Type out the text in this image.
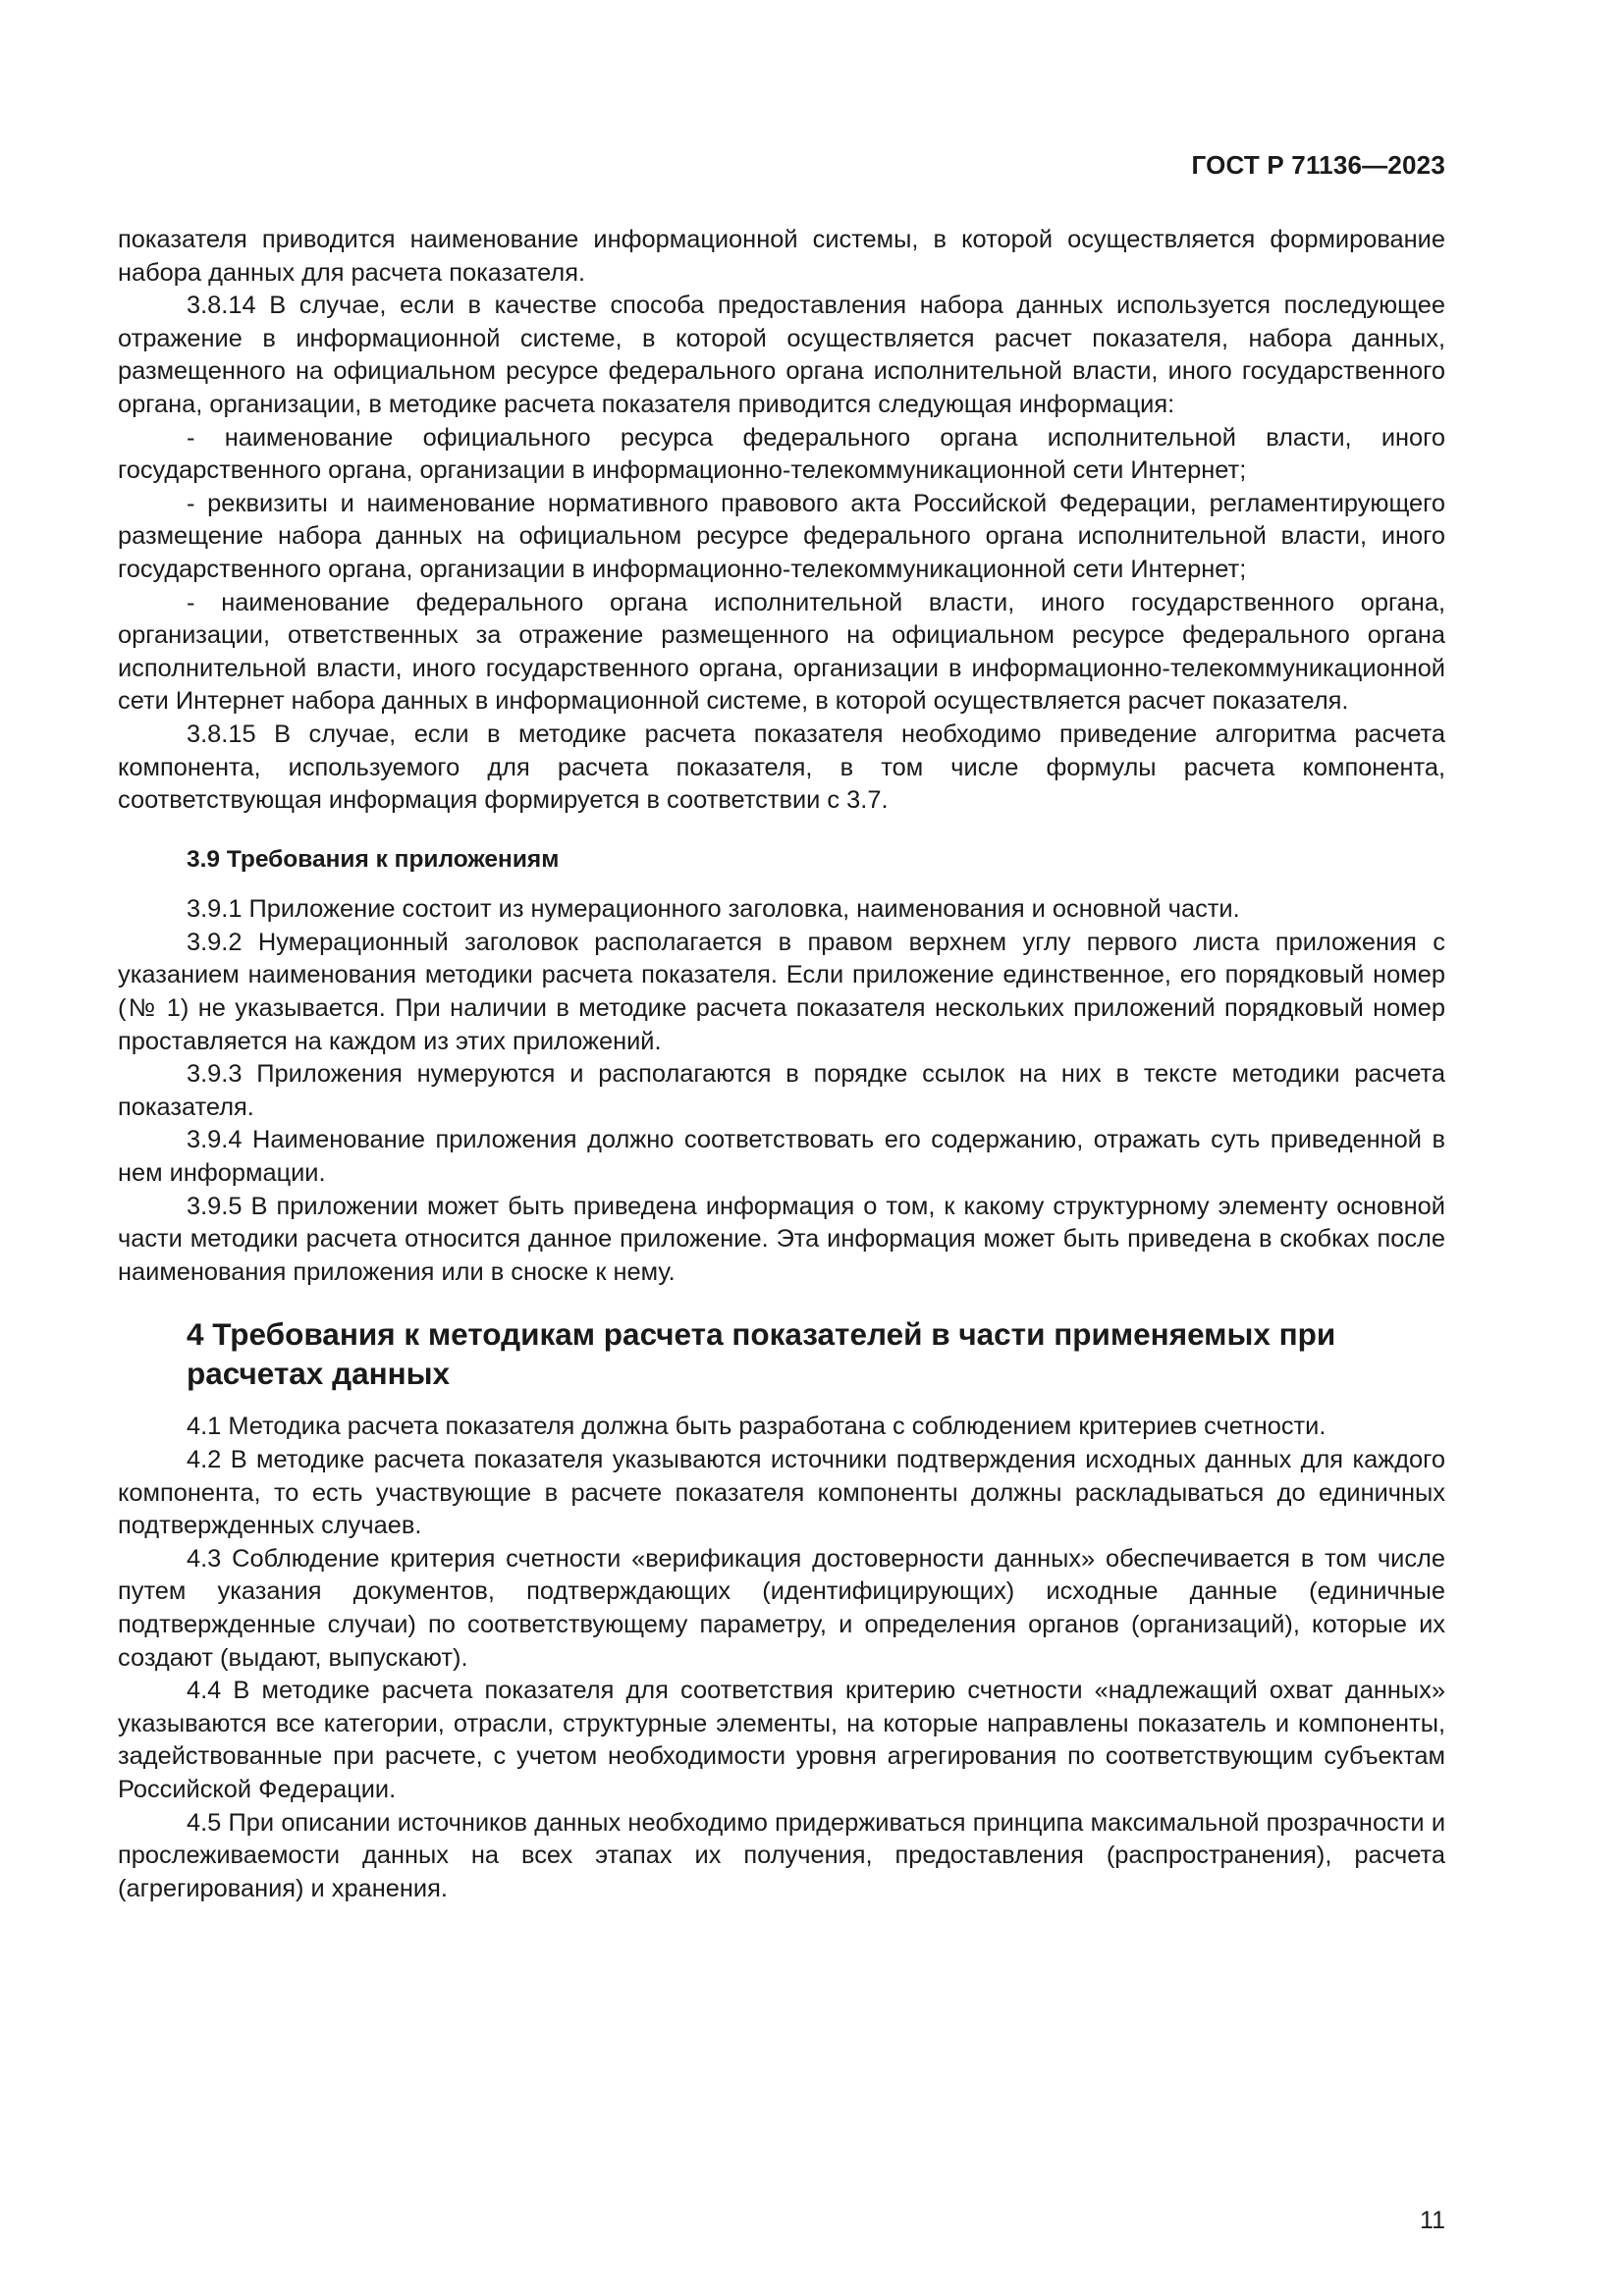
ГОСТ Р 71136—2023

показателя приводится наименование информационной системы, в которой осуществляется формирование набора данных для расчета показателя.

3.8.14 В случае, если в качестве способа предоставления набора данных используется последующее отражение в информационной системе, в которой осуществляется расчет показателя, набора данных, размещенного на официальном ресурсе федерального органа исполнительной власти, иного государственного органа, организации, в методике расчета показателя приводится следующая информация:

- наименование официального ресурса федерального органа исполнительной власти, иного государственного органа, организации в информационно-телекоммуникационной сети Интернет;

- реквизиты и наименование нормативного правового акта Российской Федерации, регламентирующего размещение набора данных на официальном ресурсе федерального органа исполнительной власти, иного государственного органа, организации в информационно-телекоммуникационной сети Интернет;

- наименование федерального органа исполнительной власти, иного государственного органа, организации, ответственных за отражение размещенного на официальном ресурсе федерального органа исполнительной власти, иного государственного органа, организации в информационно-телекоммуникационной сети Интернет набора данных в информационной системе, в которой осуществляется расчет показателя.

3.8.15 В случае, если в методике расчета показателя необходимо приведение алгоритма расчета компонента, используемого для расчета показателя, в том числе формулы расчета компонента, соответствующая информация формируется в соответствии с 3.7.

3.9 Требования к приложениям

3.9.1 Приложение состоит из нумерационного заголовка, наименования и основной части.

3.9.2 Нумерационный заголовок располагается в правом верхнем углу первого листа приложения с указанием наименования методики расчета показателя. Если приложение единственное, его порядковый номер (№ 1) не указывается. При наличии в методике расчета показателя нескольких приложений порядковый номер проставляется на каждом из этих приложений.

3.9.3 Приложения нумеруются и располагаются в порядке ссылок на них в тексте методики расчета показателя.

3.9.4 Наименование приложения должно соответствовать его содержанию, отражать суть приведенной в нем информации.

3.9.5 В приложении может быть приведена информация о том, к какому структурному элементу основной части методики расчета относится данное приложение. Эта информация может быть приведена в скобках после наименования приложения или в сноске к нему.

4 Требования к методикам расчета показателей в части применяемых при расчетах данных

4.1 Методика расчета показателя должна быть разработана с соблюдением критериев счетности.

4.2 В методике расчета показателя указываются источники подтверждения исходных данных для каждого компонента, то есть участвующие в расчете показателя компоненты должны раскладываться до единичных подтвержденных случаев.

4.3 Соблюдение критерия счетности «верификация достоверности данных» обеспечивается в том числе путем указания документов, подтверждающих (идентифицирующих) исходные данные (единичные подтвержденные случаи) по соответствующему параметру, и определения органов (организаций), которые их создают (выдают, выпускают).

4.4 В методике расчета показателя для соответствия критерию счетности «надлежащий охват данных» указываются все категории, отрасли, структурные элементы, на которые направлены показатель и компоненты, задействованные при расчете, с учетом необходимости уровня агрегирования по соответствующим субъектам Российской Федерации.

4.5 При описании источников данных необходимо придерживаться принципа максимальной прозрачности и прослеживаемости данных на всех этапах их получения, предоставления (распространения), расчета (агрегирования) и хранения.

11
